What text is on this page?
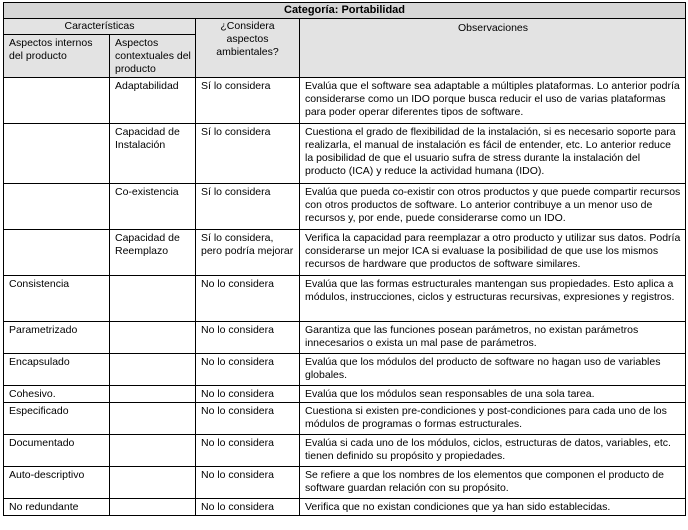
Categoría: Portabilidad			
Características		¿Considera aspectos ambientales?	Observaciones
Aspectos internos del producto	Aspectos contextuales del producto		
	Adaptabilidad	Sí lo considera	Evalúa que el software sea adaptable a múltiples plataformas. Lo anterior podría considerarse como un IDO porque busca reducir el uso de varias plataformas para poder operar diferentes tipos de software.
	Capacidad de Instalación	Sí lo considera	Cuestiona el grado de flexibilidad de la instalación, si es necesario soporte para realizarla, el manual de instalación es fácil de entender, etc. Lo anterior reduce la posibilidad de que el usuario sufra de stress durante la instalación del producto (ICA) y reduce la actividad humana (IDO).
	Co-existencia	Sí lo considera	Evalúa que pueda co-existir con otros productos y que puede compartir recursos con otros productos de software. Lo anterior contribuye a un menor uso de recursos y, por ende, puede considerarse como un IDO.
	Capacidad de Reemplazo	Sí lo considera, pero podría mejorar	Verifica la capacidad para reemplazar a otro producto y utilizar sus datos. Podría considerarse un mejor ICA si evaluase la posibilidad de que use los mismos recursos de hardware que productos de software similares.
Consistencia		No lo considera	Evalúa que las formas estructurales mantengan sus propiedades. Esto aplica a módulos, instrucciones, ciclos y estructuras recursivas, expresiones y registros.
Parametrizado		No lo considera	Garantiza que las funciones posean parámetros, no existan parámetros innecesarios o exista un mal pase de parámetros.
Encapsulado		No lo considera	Evalúa que los módulos del producto de software no hagan uso de variables globales.
Cohesivo.		No lo considera	Evalúa que los módulos sean responsables de una sola tarea.
Especificado		No lo considera	Cuestiona si existen pre-condiciones y post-condiciones para cada uno de los módulos de programas o formas estructurales.
Documentado		No lo considera	Evalúa si cada uno de los módulos, ciclos, estructuras de datos, variables, etc. tienen definido su propósito y propiedades.
Auto-descriptivo		No lo considera	Se refiere a que los nombres de los elementos que componen el producto de software guardan relación con su propósito.
No redundante		No lo considera	Verifica que no existan condiciones que ya han sido establecidas.
